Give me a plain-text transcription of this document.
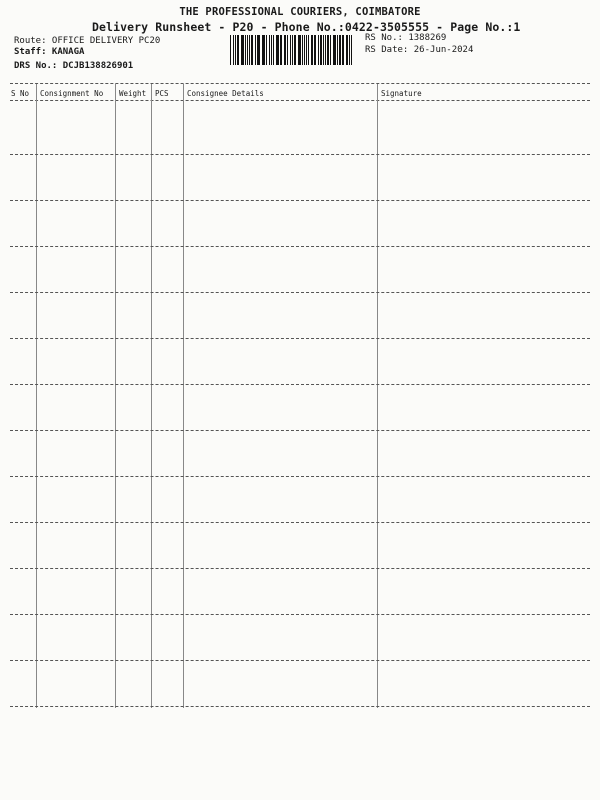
THE PROFESSIONAL COURIERS, COIMBATORE
Delivery Runsheet - P20 - Phone No.:0422-3505555 - Page No.:1
Route: OFFICE DELIVERY PC20
Staff: KANAGA
DRS No.: DCJB138826901
RS No.: 1388269
RS Date: 26-Jun-2024
S No Consignment No Weight PCS Consignee Details	Signature
